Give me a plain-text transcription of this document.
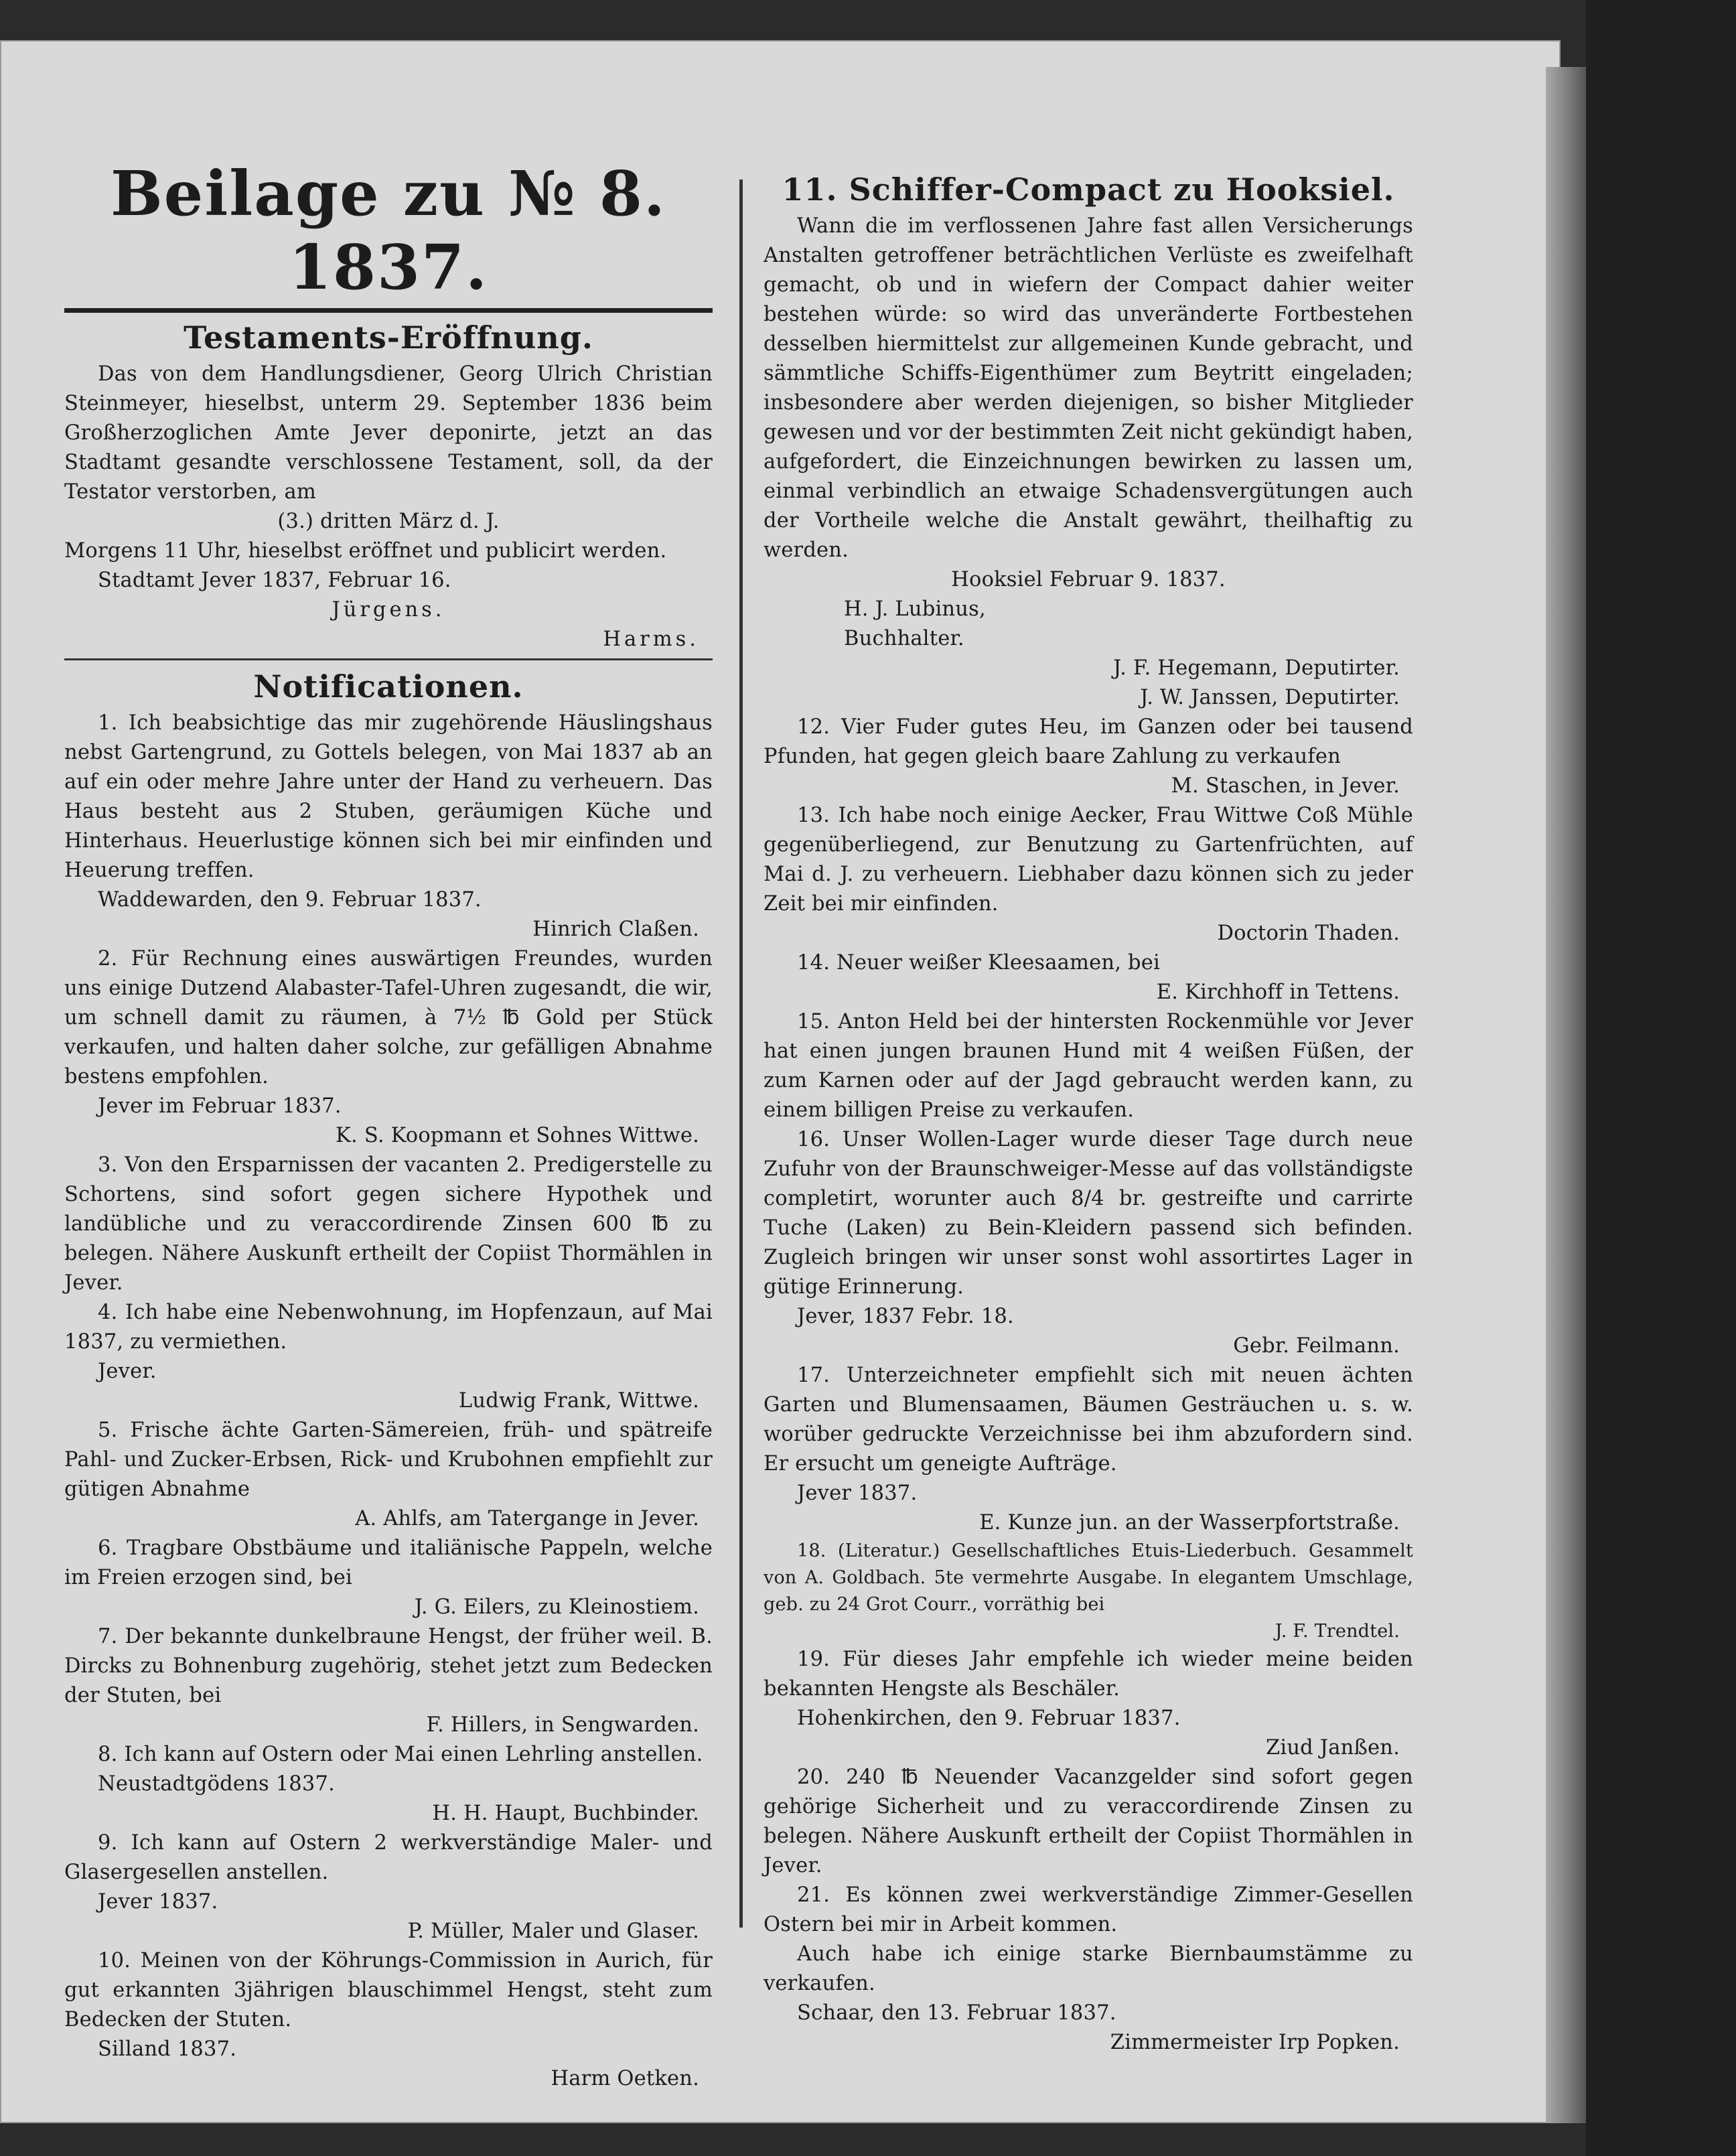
Beilage zu № 8. 1837.
Testaments-Eröffnung.

Das von dem Handlungsdiener, Georg Ulrich Christian Steinmeyer, hieselbst, unterm 29. September 1836 beim Großherzoglichen Amte Jever deponirte, jetzt an das Stadtamt gesandte verschlossene Testament, soll, da der Testator verstorben, am

(3.) dritten März d. J.

Morgens 11 Uhr, hieselbst eröffnet und publicirt werden.

Stadtamt Jever 1837, Februar 16.

Jürgens.

Harms.

Notificationen.

1. Ich beabsichtige das mir zugehörende Häuslingshaus nebst Gartengrund, zu Gottels belegen, von Mai 1837 ab an auf ein oder mehre Jahre unter der Hand zu verheuern. Das Haus besteht aus 2 Stuben, geräumigen Küche und Hinterhaus. Heuerlustige können sich bei mir einfinden und Heuerung treffen.

Waddewarden, den 9. Februar 1837.

Hinrich Claßen.

2. Für Rechnung eines auswärtigen Freundes, wurden uns einige Dutzend Alabaster-Tafel-Uhren zugesandt, die wir, um schnell damit zu räumen, à 7½ ℔ Gold per Stück verkaufen, und halten daher solche, zur gefälligen Abnahme bestens empfohlen.

Jever im Februar 1837.

K. S. Koopmann et Sohnes Wittwe.

3. Von den Ersparnissen der vacanten 2. Predigerstelle zu Schortens, sind sofort gegen sichere Hypothek und landübliche und zu veraccordirende Zinsen 600 ℔ zu belegen. Nähere Auskunft ertheilt der Copiist Thormählen in Jever.

4. Ich habe eine Nebenwohnung, im Hopfenzaun, auf Mai 1837, zu vermiethen.

Jever.

Ludwig Frank, Wittwe.

5. Frische ächte Garten-Sämereien, früh- und spätreife Pahl- und Zucker-Erbsen, Rick- und Krubohnen empfiehlt zur gütigen Abnahme

A. Ahlfs, am Tatergange in Jever.

6. Tragbare Obstbäume und italiänische Pappeln, welche im Freien erzogen sind, bei

J. G. Eilers, zu Kleinostiem.

7. Der bekannte dunkelbraune Hengst, der früher weil. B. Dircks zu Bohnenburg zugehörig, stehet jetzt zum Bedecken der Stuten, bei

F. Hillers, in Sengwarden.

8. Ich kann auf Ostern oder Mai einen Lehrling anstellen.

Neustadtgödens 1837.

H. H. Haupt, Buchbinder.

9. Ich kann auf Ostern 2 werkverständige Maler- und Glasergesellen anstellen.

Jever 1837.

P. Müller, Maler und Glaser.

10. Meinen von der Köhrungs-Commission in Aurich, für gut erkannten 3jährigen blauschimmel Hengst, steht zum Bedecken der Stuten.

Silland 1837.

Harm Oetken.

11. Schiffer-Compact zu Hooksiel.

Wann die im verflossenen Jahre fast allen Versicherungs Anstalten getroffener beträchtlichen Verlüste es zweifelhaft gemacht, ob und in wiefern der Compact dahier weiter bestehen würde: so wird das unveränderte Fortbestehen desselben hiermittelst zur allgemeinen Kunde gebracht, und sämmtliche Schiffs-Eigenthümer zum Beytritt eingeladen; insbesondere aber werden diejenigen, so bisher Mitglieder gewesen und vor der bestimmten Zeit nicht gekündigt haben, aufgefordert, die Einzeichnungen bewirken zu lassen um, einmal verbindlich an etwaige Schadensvergütungen auch der Vortheile welche die Anstalt gewährt, theilhaftig zu werden.

Hooksiel Februar 9. 1837.

H. J. Lubinus,

Buchhalter.

J. F. Hegemann, Deputirter.

J. W. Janssen, Deputirter.

12. Vier Fuder gutes Heu, im Ganzen oder bei tausend Pfunden, hat gegen gleich baare Zahlung zu verkaufen

M. Staschen, in Jever.

13. Ich habe noch einige Aecker, Frau Wittwe Coß Mühle gegenüberliegend, zur Benutzung zu Gartenfrüchten, auf Mai d. J. zu verheuern. Liebhaber dazu können sich zu jeder Zeit bei mir einfinden.

Doctorin Thaden.

14. Neuer weißer Kleesaamen, bei

E. Kirchhoff in Tettens.

15. Anton Held bei der hintersten Rockenmühle vor Jever hat einen jungen braunen Hund mit 4 weißen Füßen, der zum Karnen oder auf der Jagd gebraucht werden kann, zu einem billigen Preise zu verkaufen.

16. Unser Wollen-Lager wurde dieser Tage durch neue Zufuhr von der Braunschweiger-Messe auf das vollständigste completirt, worunter auch 8/4 br. gestreifte und carrirte Tuche (Laken) zu Bein-Kleidern passend sich befinden. Zugleich bringen wir unser sonst wohl assortirtes Lager in gütige Erinnerung.

Jever, 1837 Febr. 18.

Gebr. Feilmann.

17. Unterzeichneter empfiehlt sich mit neuen ächten Garten und Blumensaamen, Bäumen Gesträuchen u. s. w. worüber gedruckte Verzeichnisse bei ihm abzufordern sind. Er ersucht um geneigte Aufträge.

Jever 1837.

E. Kunze jun. an der Wasserpfortstraße.

18. (Literatur.) Gesellschaftliches Etuis-Liederbuch. Gesammelt von A. Goldbach. 5te vermehrte Ausgabe. In elegantem Umschlage, geb. zu 24 Grot Courr., vorräthig bei

J. F. Trendtel.

19. Für dieses Jahr empfehle ich wieder meine beiden bekannten Hengste als Beschäler.

Hohenkirchen, den 9. Februar 1837.

Ziud Janßen.

20. 240 ℔ Neuender Vacanzgelder sind sofort gegen gehörige Sicherheit und zu veraccordirende Zinsen zu belegen. Nähere Auskunft ertheilt der Copiist Thormählen in Jever.

21. Es können zwei werkverständige Zimmer-Gesellen Ostern bei mir in Arbeit kommen.

Auch habe ich einige starke Biernbaumstämme zu verkaufen.

Schaar, den 13. Februar 1837.

Zimmermeister Irp Popken.
